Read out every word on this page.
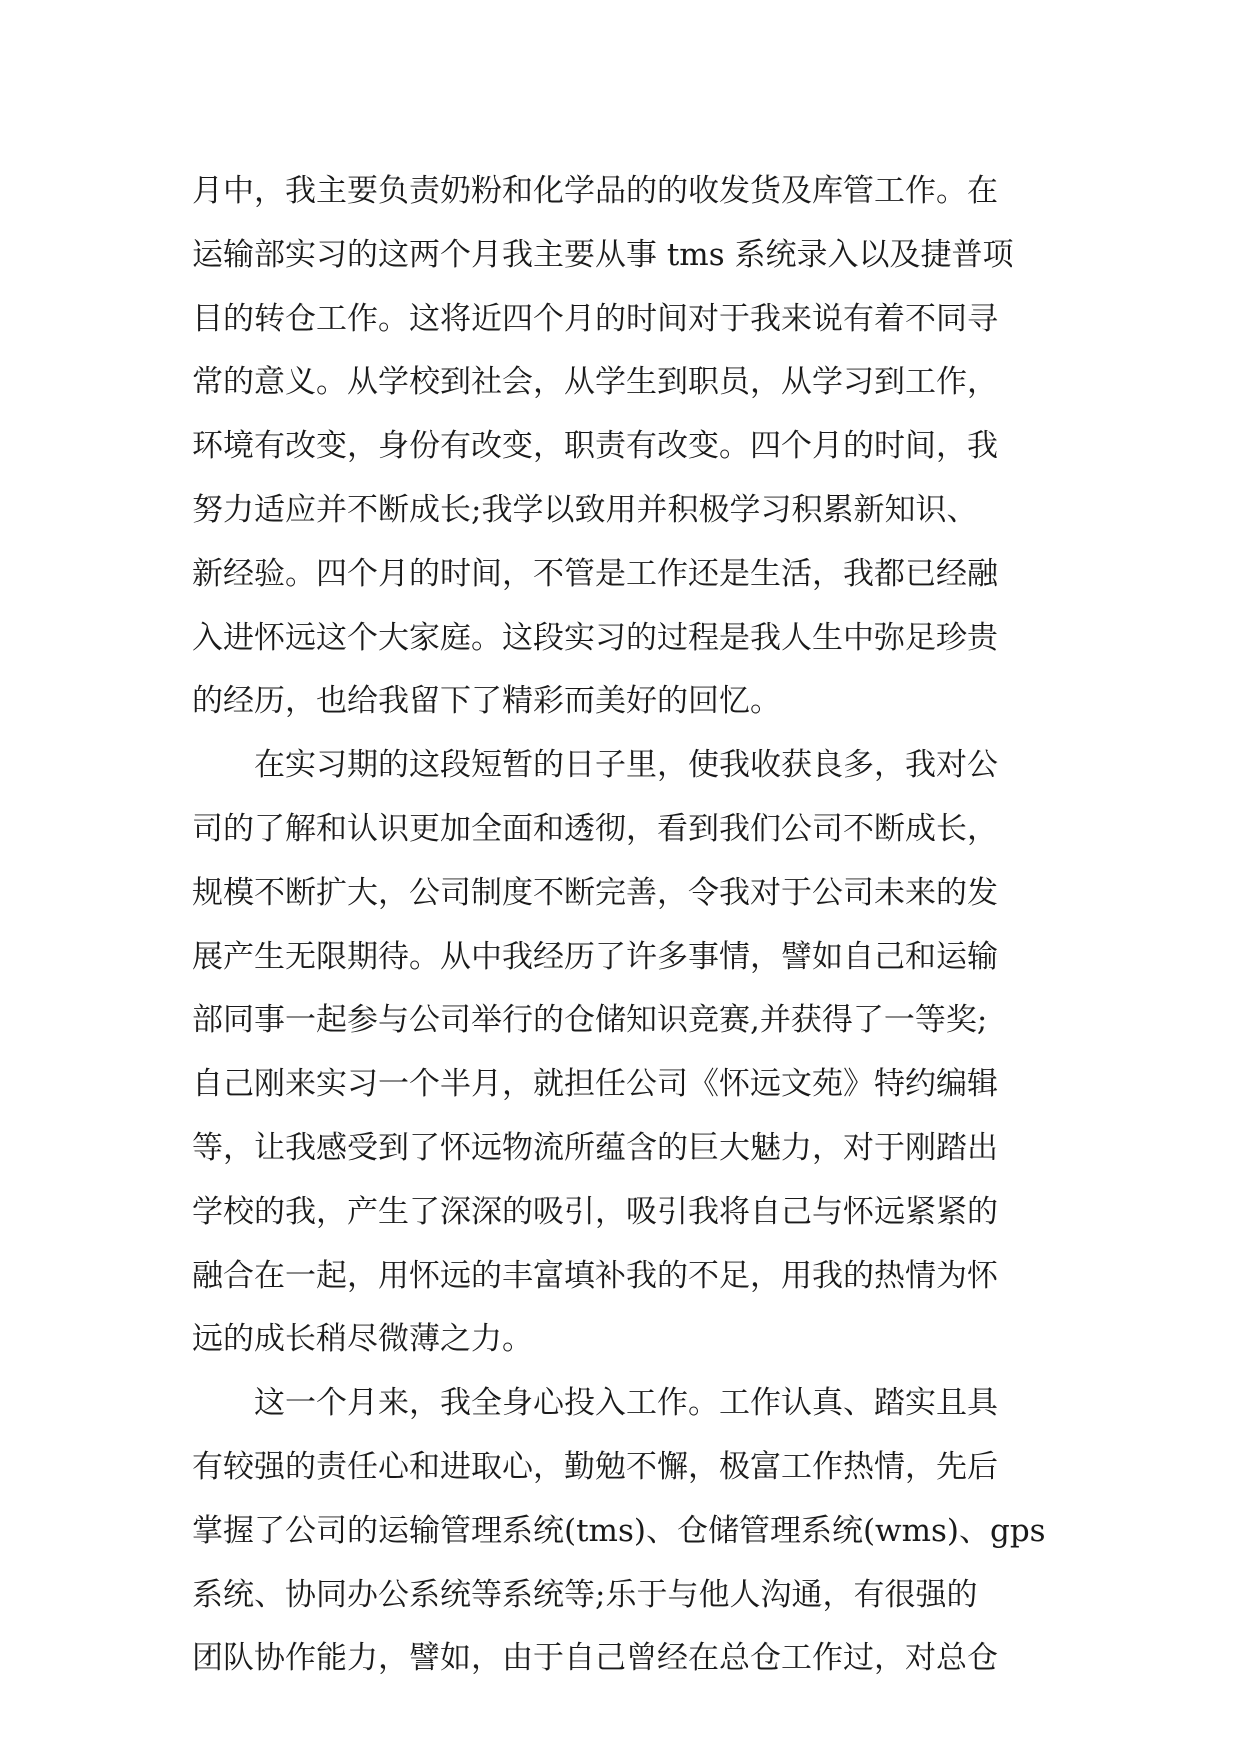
月中，我主要负责奶粉和化学品的的收发货及库管工作。在
运输部实习的这两个月我主要从事 tms 系统录入以及捷普项
目的转仓工作。这将近四个月的时间对于我来说有着不同寻
常的意义。从学校到社会，从学生到职员，从学习到工作，
环境有改变，身份有改变，职责有改变。四个月的时间，我
努力适应并不断成长;我学以致用并积极学习积累新知识、
新经验。四个月的时间，不管是工作还是生活，我都已经融
入进怀远这个大家庭。这段实习的过程是我人生中弥足珍贵
的经历，也给我留下了精彩而美好的回忆。
　　在实习期的这段短暂的日子里，使我收获良多，我对公
司的了解和认识更加全面和透彻，看到我们公司不断成长，
规模不断扩大，公司制度不断完善，令我对于公司未来的发
展产生无限期待。从中我经历了许多事情，譬如自己和运输
部同事一起参与公司举行的仓储知识竞赛,并获得了一等奖;
自己刚来实习一个半月，就担任公司《怀远文苑》特约编辑
等，让我感受到了怀远物流所蕴含的巨大魅力，对于刚踏出
学校的我，产生了深深的吸引，吸引我将自己与怀远紧紧的
融合在一起，用怀远的丰富填补我的不足，用我的热情为怀
远的成长稍尽微薄之力。
　　这一个月来，我全身心投入工作。工作认真、踏实且具
有较强的责任心和进取心，勤勉不懈，极富工作热情，先后
掌握了公司的运输管理系统(tms)、仓储管理系统(wms)、gps
系统、协同办公系统等系统等;乐于与他人沟通，有很强的
团队协作能力，譬如，由于自己曾经在总仓工作过，对总仓
